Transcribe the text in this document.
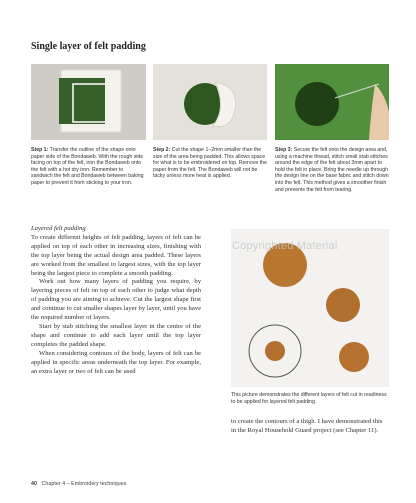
Single layer of felt padding
Step 1: Transfer the outline of the shape onto paper side of the Bondaweb. With the rough side facing on top of the felt, iron the Bondaweb onto the felt with a hot dry iron. Remember to sandwich the felt and Bondaweb between baking paper to prevent it from sticking to your iron.
Step 2: Cut the shape 1–2mm smaller than the size of the area being padded. This allows space for what is to be embroidered on top. Remove the paper from the felt. The Bondaweb will not be tacky unless more heat is applied.
Step 3: Secure the felt onto the design area and, using a machine thread, stitch small stab stitches around the edge of the felt about 3mm apart to hold the felt in place. Bring the needle up through the design line on the base fabric and stitch down into the felt. This method gives a smoother finish and prevents the felt from tearing.

Layered felt padding

To create different heights of felt padding, layers of felt can be applied on top of each other in increasing sizes, finishing with the top layer being the actual design area padded. These layers are worked from the smallest to largest sizes, with the top layer being the largest piece to complete a smooth padding.

Work out how many layers of padding you require, by layering pieces of felt on top of each other to judge what depth of padding you are aiming to achieve. Cut the largest shape first and continue to cut smaller shapes layer by layer, until you have the required number of layers.

Start by stab stitching the smallest layer in the centre of the shape and continue to add each layer until the top layer completes the padded shape.

When considering contours of the body, layers of felt can be applied in specific areas underneath the top layer. For example, an extra layer or two of felt can be used

Copyrighted Material
This picture demonstrates the different layers of felt cut in readiness to be applied for layered felt padding.

to create the contours of a thigh. I have demonstrated this in the Royal Household Guard project (see Chapter 11).

40 Chapter 4 – Embroidery techniques
